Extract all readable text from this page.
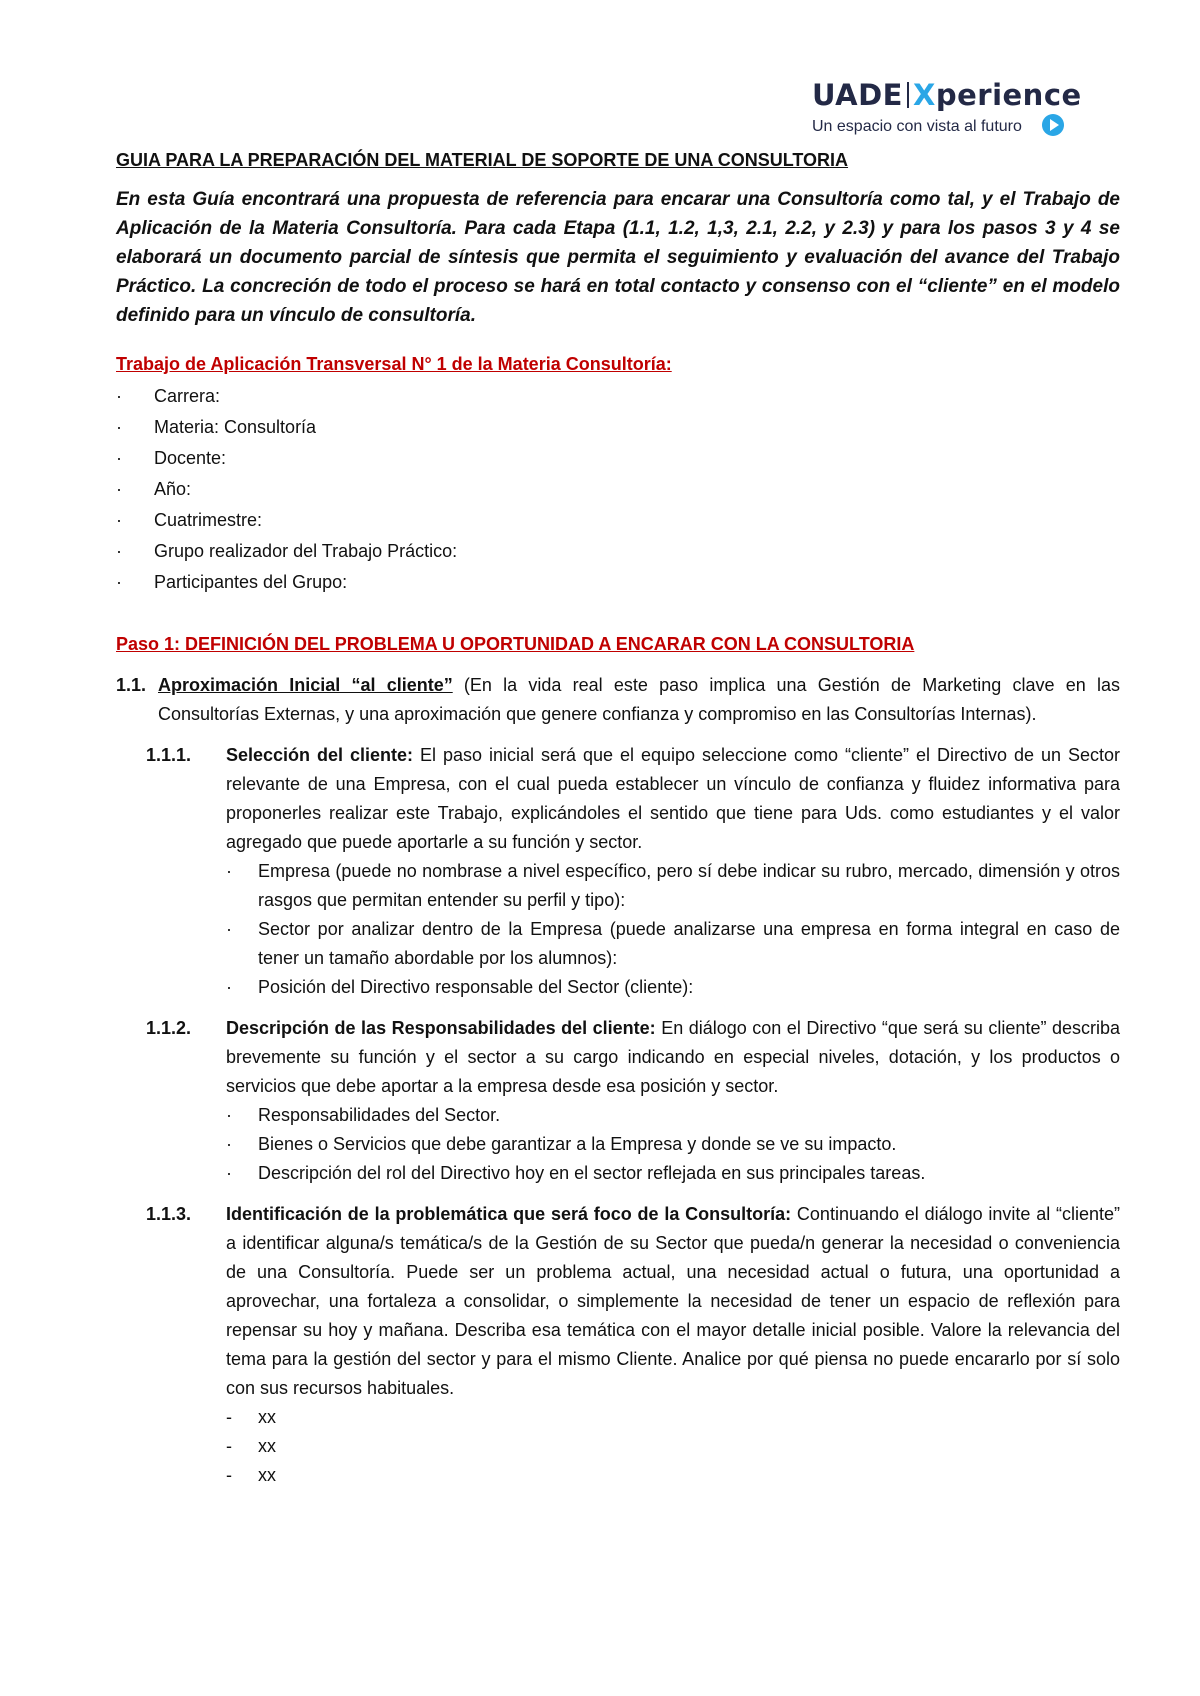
UADE Xperience
Un espacio con vista al futuro
GUIA PARA LA PREPARACIÓN DEL MATERIAL DE SOPORTE DE UNA CONSULTORIA

En esta Guía encontrará una propuesta de referencia para encarar una Consultoría como tal, y el Trabajo de Aplicación de la Materia Consultoría. Para cada Etapa (1.1, 1.2, 1,3, 2.1, 2.2, y 2.3) y para los pasos 3 y 4 se elaborará un documento parcial de síntesis que permita el seguimiento y evaluación del avance del Trabajo Práctico. La concreción de todo el proceso se hará en total contacto y consenso con el “cliente” en el modelo definido para un vínculo de consultoría.

Trabajo de Aplicación Transversal N° 1 de la Materia Consultoría:
· Carrera:
· Materia: Consultoría
· Docente:
· Año:
· Cuatrimestre:
· Grupo realizador del Trabajo Práctico:
· Participantes del Grupo:
Paso 1: DEFINICIÓN DEL PROBLEMA U OPORTUNIDAD A ENCARAR CON LA CONSULTORIA

1.1. Aproximación Inicial “al cliente” (En la vida real este paso implica una Gestión de Marketing clave en las Consultorías Externas, y una aproximación que genere confianza y compromiso en las Consultorías Internas).

1.1.1. Selección del cliente: El paso inicial será que el equipo seleccione como “cliente” el Directivo de un Sector relevante de una Empresa, con el cual pueda establecer un vínculo de confianza y fluidez informativa para proponerles realizar este Trabajo, explicándoles el sentido que tiene para Uds. como estudiantes y el valor agregado que puede aportarle a su función y sector.

· Empresa (puede no nombrase a nivel específico, pero sí debe indicar su rubro, mercado, dimensión y otros rasgos que permitan entender su perfil y tipo):
· Sector por analizar dentro de la Empresa (puede analizarse una empresa en forma integral en caso de tener un tamaño abordable por los alumnos):
· Posición del Directivo responsable del Sector (cliente):
1.1.2. Descripción de las Responsabilidades del cliente: En diálogo con el Directivo “que será su cliente” describa brevemente su función y el sector a su cargo indicando en especial niveles, dotación, y los productos o servicios que debe aportar a la empresa desde esa posición y sector.

· Responsabilidades del Sector.
· Bienes o Servicios que debe garantizar a la Empresa y donde se ve su impacto.
· Descripción del rol del Directivo hoy en el sector reflejada en sus principales tareas.
1.1.3. Identificación de la problemática que será foco de la Consultoría: Continuando el diálogo invite al “cliente” a identificar alguna/s temática/s de la Gestión de su Sector que pueda/n generar la necesidad o conveniencia de una Consultoría. Puede ser un problema actual, una necesidad actual o futura, una oportunidad a aprovechar, una fortaleza a consolidar, o simplemente la necesidad de tener un espacio de reflexión para repensar su hoy y mañana. Describa esa temática con el mayor detalle inicial posible. Valore la relevancia del tema para la gestión del sector y para el mismo Cliente. Analice por qué piensa no puede encararlo por sí solo con sus recursos habituales.

- xx
- xx
- xx
